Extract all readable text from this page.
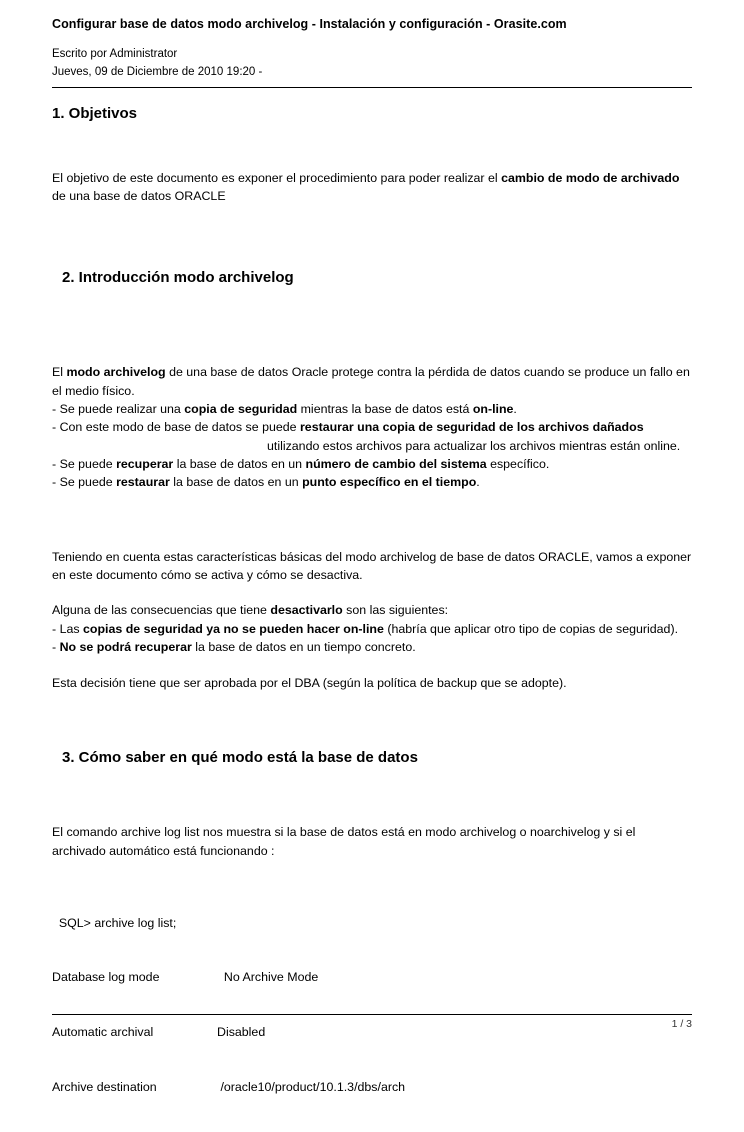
Configurar base de datos modo archivelog - Instalación y configuración - Orasite.com
Escrito por Administrator
Jueves, 09 de Diciembre de 2010 19:20 -
1. Objetivos

El objetivo de este documento es exponer el procedimiento para poder realizar el cambio de modo de archivado
de una base de datos ORACLE

2. Introducción modo archivelog

El modo archivelog de una base de datos Oracle protege contra la pérdida de datos cuando se produce un fallo en el medio físico.

- Se puede realizar una copia de seguridad mientras la base de datos está on-line.

- Con este modo de base de datos se puede restaurar una copia de seguridad de los archivos dañadosutilizando estos archivos para actualizar los archivos mientras están online.

- Se puede recuperar la base de datos en un número de cambio del sistema específico.

- Se puede restaurar la base de datos en un punto específico en el tiempo.

Teniendo en cuenta estas características básicas del modo archivelog de base de datos ORACLE, vamos a exponer en este documento cómo se activa y cómo se desactiva.

Alguna de las consecuencias que tiene desactivarlo son las siguientes:

- Las copias de seguridad ya no se pueden hacer on-line (habría que aplicar otro tipo de copias de seguridad).

- No se podrá recuperar la base de datos en un tiempo concreto.

Esta decisión tiene que ser aprobada por el DBA (según la política de backup que se adopte).

3. Cómo saber en qué modo está la base de datos

El comando archive log list nos muestra si la base de datos está en modo archivelog o noarchivelog y si el archivado automático está funcionando :

SQL> archive log list;

Database log mode	No Archive Mode

Automatic archival	Disabled

Archive destination	/oracle10/product/10.1.3/dbs/arch

1 / 3
